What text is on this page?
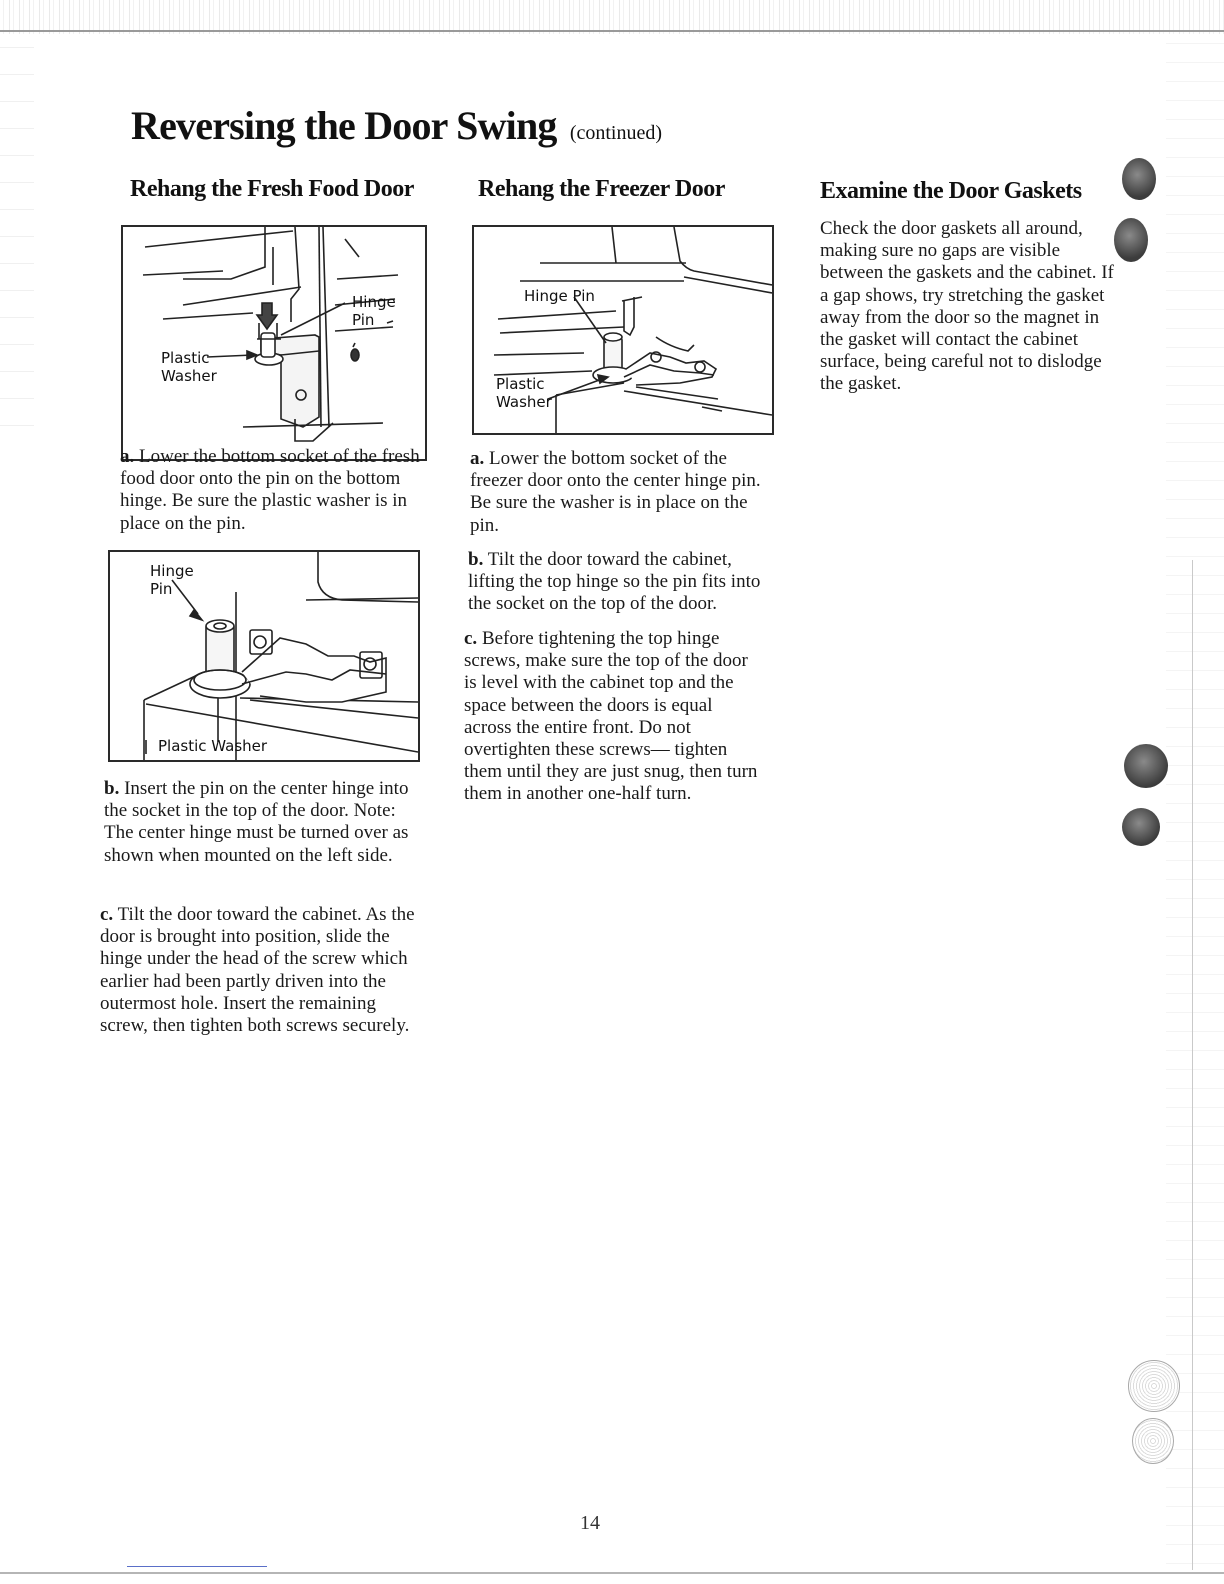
Reversing the Door Swing (continued)
Rehang the Fresh Food Door
Hinge
Pin
Plastic
Washer

a. Lower the bottom socket of the fresh food door onto the pin on the bottom hinge. Be sure the plastic washer is in place on the pin.

Hinge
Pin
Plastic Washer

b. Insert the pin on the center hinge into the socket in the top of the door. Note: The center hinge must be turned over as shown when mounted on the left side.

c. Tilt the door toward the cabinet. As the door is brought into position, slide the hinge under the head of the screw which earlier had been partly driven into the outermost hole. Insert the remaining screw, then tighten both screws securely.

Rehang the Freezer Door
Hinge Pin
Plastic
Washer

a. Lower the bottom socket of the freezer door onto the center hinge pin. Be sure the washer is in place on the pin.

b. Tilt the door toward the cabinet, lifting the top hinge so the pin fits into the socket on the top of the door.

c. Before tightening the top hinge screws, make sure the top of the door is level with the cabinet top and the space between the doors is equal across the entire front. Do not overtighten these screws— tighten them until they are just snug, then turn them in another one-half turn.

Examine the Door Gaskets

Check the door gaskets all around, making sure no gaps are visible between the gaskets and the cabinet. If a gap shows, try stretching the gasket away from the door so the magnet in the gasket will contact the cabinet surface, being careful not to dislodge the gasket.

14
